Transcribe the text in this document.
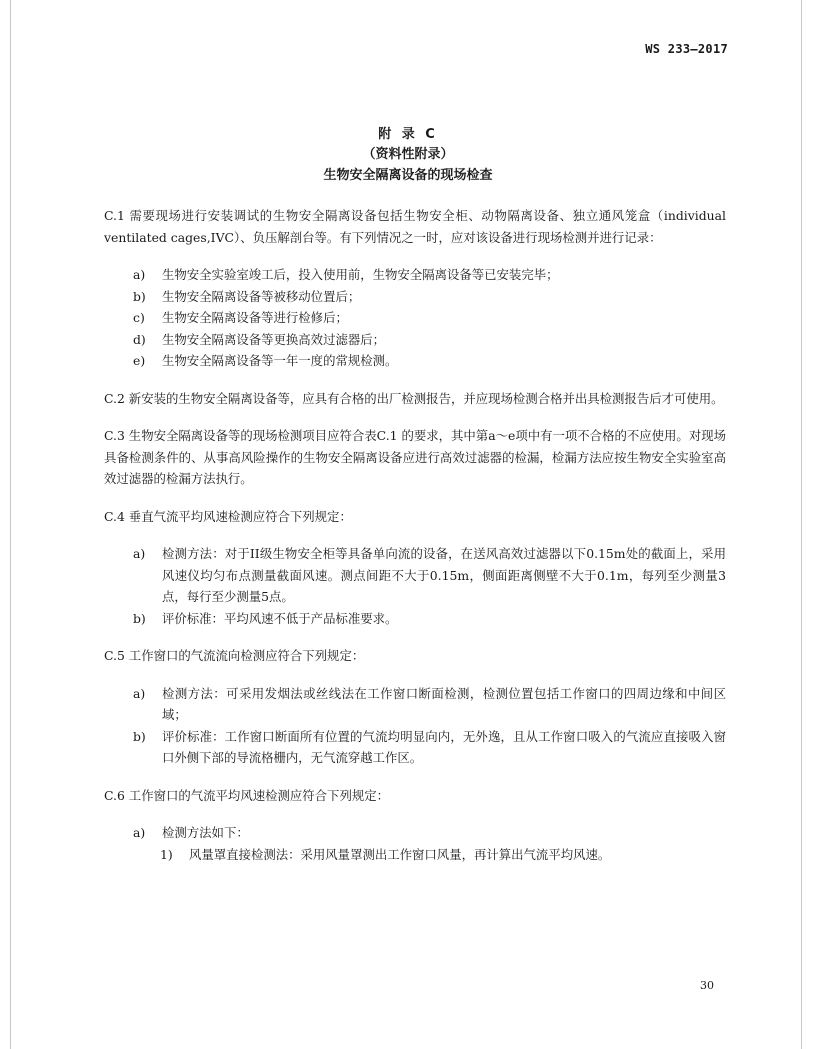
WS 233—2017
附 录 C
（资料性附录）
生物安全隔离设备的现场检查

C.1 需要现场进行安装调试的生物安全隔离设备包括生物安全柜、动物隔离设备、独立通风笼盒（individual ventilated cages,IVC）、负压解剖台等。有下列情况之一时，应对该设备进行现场检测并进行记录：

a) 生物安全实验室竣工后，投入使用前，生物安全隔离设备等已安装完毕；

b) 生物安全隔离设备等被移动位置后；

c) 生物安全隔离设备等进行检修后；

d) 生物安全隔离设备等更换高效过滤器后；

e) 生物安全隔离设备等一年一度的常规检测。

C.2 新安装的生物安全隔离设备等，应具有合格的出厂检测报告，并应现场检测合格并出具检测报告后才可使用。

C.3 生物安全隔离设备等的现场检测项目应符合表C.1 的要求，其中第a～e项中有一项不合格的不应使用。对现场具备检测条件的、从事高风险操作的生物安全隔离设备应进行高效过滤器的检漏，检漏方法应按生物安全实验室高效过滤器的检漏方法执行。

C.4 垂直气流平均风速检测应符合下列规定：

a) 检测方法：对于II级生物安全柜等具备单向流的设备，在送风高效过滤器以下0.15m处的截面上，采用风速仪均匀布点测量截面风速。测点间距不大于0.15m，侧面距离侧壁不大于0.1m，每列至少测量3点，每行至少测量5点。

b) 评价标准：平均风速不低于产品标准要求。

C.5 工作窗口的气流流向检测应符合下列规定：

a) 检测方法：可采用发烟法或丝线法在工作窗口断面检测，检测位置包括工作窗口的四周边缘和中间区域；

b) 评价标准：工作窗口断面所有位置的气流均明显向内，无外逸，且从工作窗口吸入的气流应直接吸入窗口外侧下部的导流格栅内，无气流穿越工作区。

C.6 工作窗口的气流平均风速检测应符合下列规定：

a) 检测方法如下：

1) 风量罩直接检测法：采用风量罩测出工作窗口风量，再计算出气流平均风速。

30
